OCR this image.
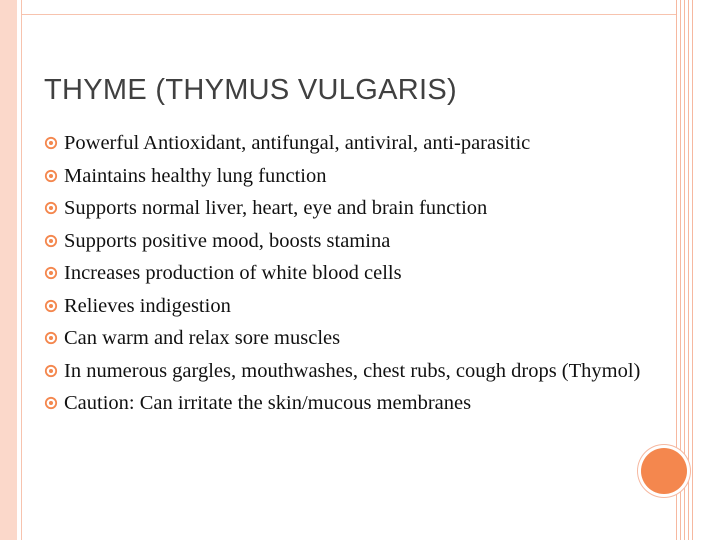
THYME (THYMUS VULGARIS)
Powerful Antioxidant, antifungal, antiviral, anti-parasitic
Maintains healthy lung function
Supports normal liver, heart, eye and brain function
Supports positive mood, boosts stamina
Increases production of white blood cells
Relieves indigestion
Can warm and relax sore muscles
In numerous gargles, mouthwashes, chest rubs, cough drops (Thymol)
Caution: Can irritate the skin/mucous membranes
